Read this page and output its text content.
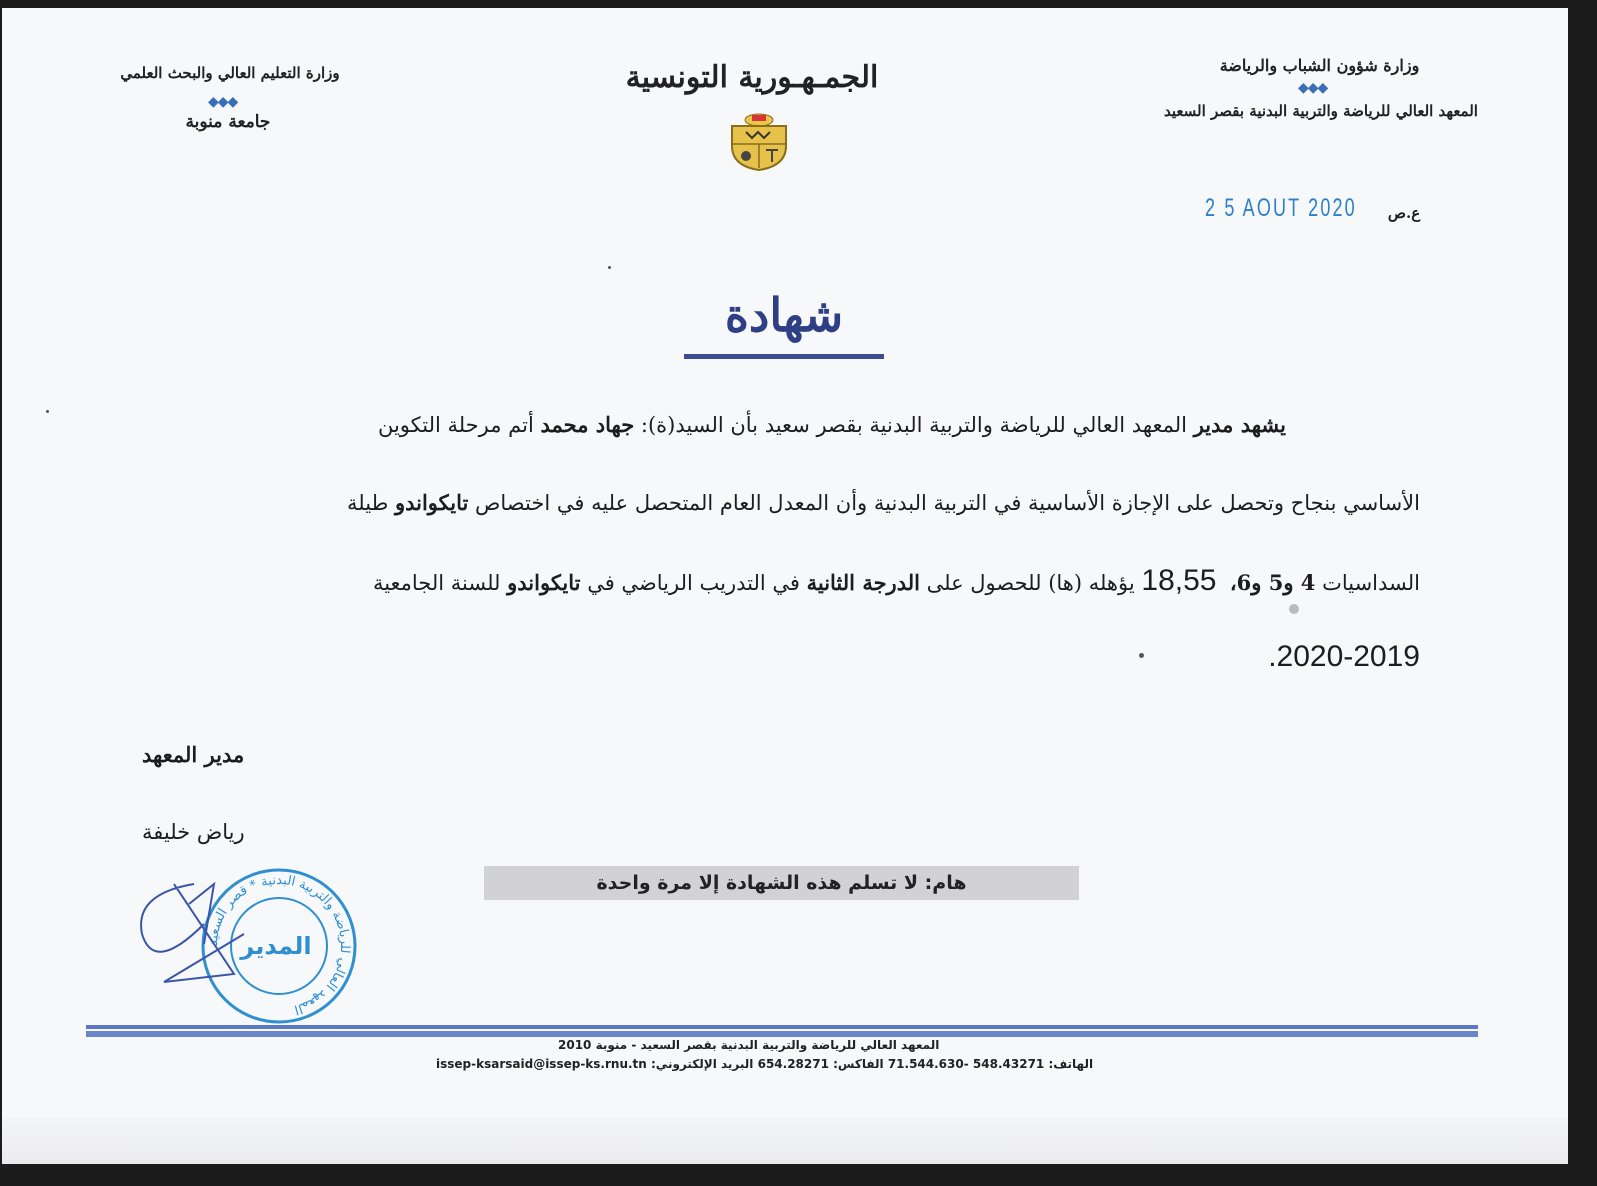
وزارة شؤون الشباب والرياضة
◆◆◆
المعهد العالي للرياضة والتربية البدنية بقصر السعيد
الجمـهـورية التونسية
وزارة التعليم العالي والبحث العلمي
◆◆◆
جامعة منوبة
ع.ص
2 5 AOUT 2020
شهادة
يشهد مدير المعهد العالي للرياضة والتربية البدنية بقصر سعيد بأن السيد(ة): جهاد محمد أتم مرحلة التكوين
الأساسي بنجاح وتحصل على الإجازة الأساسية في التربية البدنية وأن المعدل العام المتحصل عليه في اختصاص تايكواندو طيلة
السداسيات 4 و5 و6،  18,55 يؤهله (ها) للحصول على الدرجة الثانية في التدريب الرياضي في تايكواندو للسنة الجامعية
.2020-2019
مدير المعهد
رياض خليفة
هام: لا تسلم هذه الشهادة إلا مرة واحدة
المعهد العالي للرياضة والتربية البدنية * قصر السعيد
المدير
المعهد العالي للرياضة والتربية البدنية بقصر السعيد - منوبة 2010
الهاتف: 548.43271 -71.544.630 الفاكس: 654.28271 البريد الإلكتروني: issep-ksarsaid@issep-ks.rnu.tn
